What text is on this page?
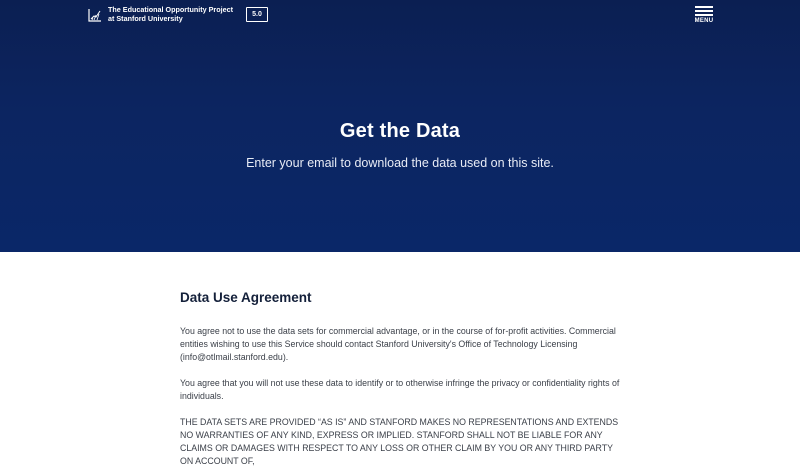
The Educational Opportunity Project
at Stanford University	5.0
MENU
Get the Data

Enter your email to download the data used on this site.

Data Use Agreement

You agree not to use the data sets for commercial advantage, or in the course of for-profit activities. Commercial entities wishing to use this Service should contact Stanford University's Office of Technology Licensing (info@otlmail.stanford.edu).

You agree that you will not use these data to identify or to otherwise infringe the privacy or confidentiality rights of individuals.

THE DATA SETS ARE PROVIDED “AS IS” AND STANFORD MAKES NO REPRESENTATIONS AND EXTENDS NO WARRANTIES OF ANY KIND, EXPRESS OR IMPLIED. STANFORD SHALL NOT BE LIABLE FOR ANY CLAIMS OR DAMAGES WITH RESPECT TO ANY LOSS OR OTHER CLAIM BY YOU OR ANY THIRD PARTY ON ACCOUNT OF,
